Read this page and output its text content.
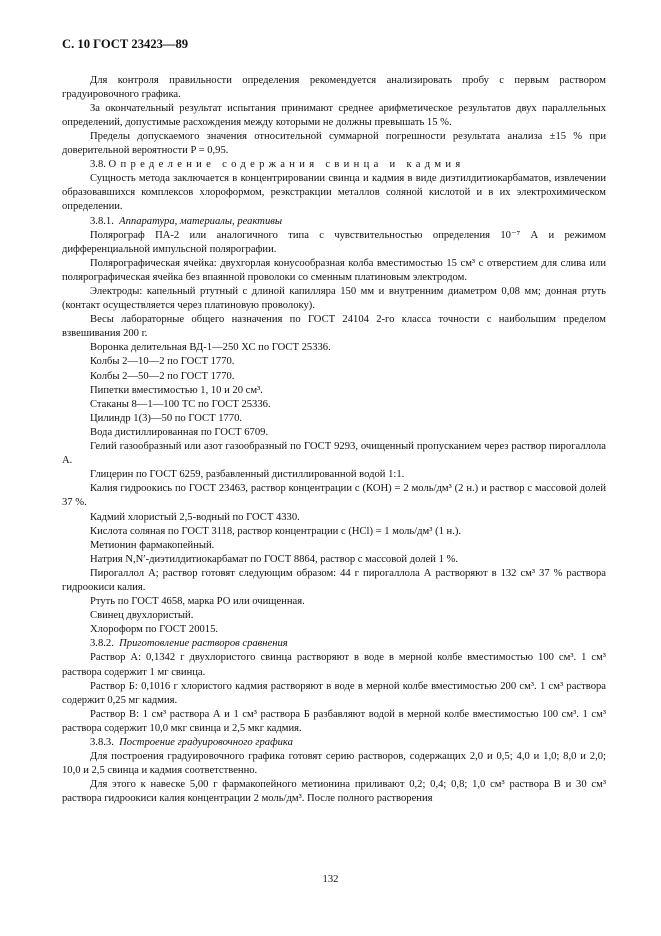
С. 10 ГОСТ 23423—89

Для контроля правильности определения рекомендуется анализировать пробу с первым раствором градуировочного графика.

За окончательный результат испытания принимают среднее арифметическое результатов двух параллельных определений, допустимые расхождения между которыми не должны превышать 15 %.

Пределы допускаемого значения относительной суммарной погрешности результата анализа ±15 % при доверительной вероятности P = 0,95.

3.8. Определение содержания свинца и кадмия

Сущность метода заключается в концентрировании свинца и кадмия в виде диэтилдитиокарбаматов, извлечении образовавшихся комплексов хлороформом, реэкстракции металлов соляной кислотой и в их электрохимическом определении.

3.8.1. Аппаратура, материалы, реактивы

Полярограф ПА-2 или аналогичного типа с чувствительностью определения 10⁻⁷ А и режимом дифференциальной импульсной полярографии.

Полярографическая ячейка: двухгорлая конусообразная колба вместимостью 15 см³ с отверстием для слива или полярографическая ячейка без впаянной проволоки со сменным платиновым электродом.

Электроды: капельный ртутный с длиной капилляра 150 мм и внутренним диаметром 0,08 мм; донная ртуть (контакт осуществляется через платиновую проволоку).

Весы лабораторные общего назначения по ГОСТ 24104 2-го класса точности с наибольшим пределом взвешивания 200 г.

Воронка делительная ВД-1—250 ХС по ГОСТ 25336.

Колбы 2—10—2 по ГОСТ 1770.

Колбы 2—50—2 по ГОСТ 1770.

Пипетки вместимостью 1, 10 и 20 см³.

Стаканы 8—1—100 ТС по ГОСТ 25336.

Цилиндр 1(3)—50 по ГОСТ 1770.

Вода дистиллированная по ГОСТ 6709.

Гелий газообразный или азот газообразный по ГОСТ 9293, очищенный пропусканием через раствор пирогаллола А.

Глицерин по ГОСТ 6259, разбавленный дистиллированной водой 1:1.

Калия гидроокись по ГОСТ 23463, раствор концентрации с (КОН) = 2 моль/дм³ (2 н.) и раствор с массовой долей 37 %.

Кадмий хлористый 2,5-водный по ГОСТ 4330.

Кислота соляная по ГОСТ 3118, раствор концентрации с (HCl) = 1 моль/дм³ (1 н.).

Метионин фармакопейный.

Натрия N,N′-диэтилдитиокарбамат по ГОСТ 8864, раствор с массовой долей 1 %.

Пирогаллол А; раствор готовят следующим образом: 44 г пирогаллола А растворяют в 132 см³ 37 % раствора гидроокиси калия.

Ртуть по ГОСТ 4658, марка РО или очищенная.

Свинец двухлористый.

Хлороформ по ГОСТ 20015.

3.8.2. Приготовление растворов сравнения

Раствор А: 0,1342 г двухлористого свинца растворяют в воде в мерной колбе вместимостью 100 см³. 1 см³ раствора содержит 1 мг свинца.

Раствор Б: 0,1016 г хлористого кадмия растворяют в воде в мерной колбе вместимостью 200 см³. 1 см³ раствора содержит 0,25 мг кадмия.

Раствор В: 1 см³ раствора А и 1 см³ раствора Б разбавляют водой в мерной колбе вместимостью 100 см³. 1 см³ раствора содержит 10,0 мкг свинца и 2,5 мкг кадмия.

3.8.3. Построение градуировочного графика

Для построения градуировочного графика готовят серию растворов, содержащих 2,0 и 0,5; 4,0 и 1,0; 8,0 и 2,0; 10,0 и 2,5 свинца и кадмия соответственно.

Для этого к навеске 5,00 г фармакопейного метионина приливают 0,2; 0,4; 0,8; 1,0 см³ раствора В и 30 см³ раствора гидроокиси калия концентрации 2 моль/дм³. После полного растворения

132
